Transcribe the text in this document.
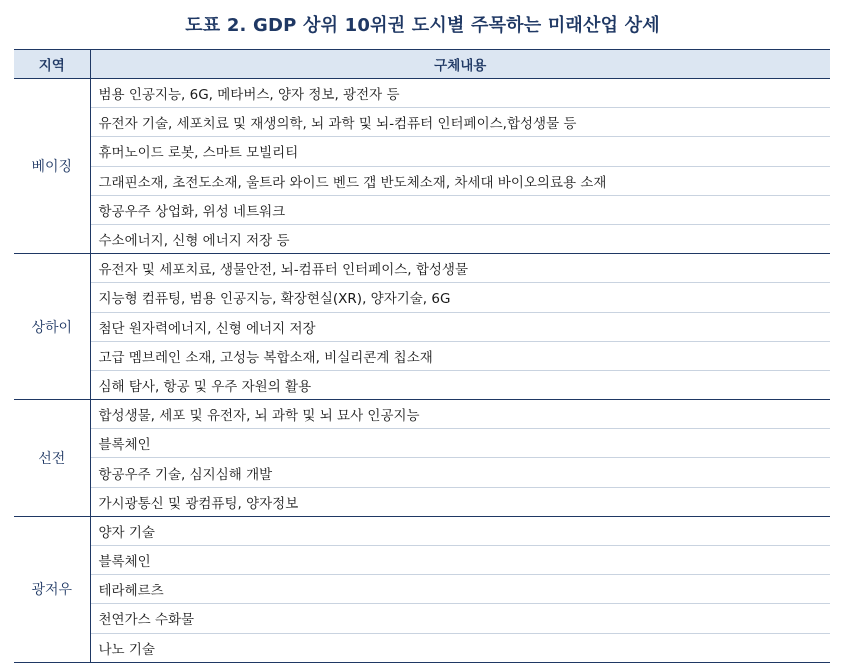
도표 2. GDP 상위 10위권 도시별 주목하는 미래산업 상세
지역	구체내용
베이징	범용 인공지능, 6G, 메타버스, 양자 정보, 광전자 등
	유전자 기술, 세포치료 및 재생의학, 뇌 과학 및 뇌-컴퓨터 인터페이스,합성생물 등
	휴머노이드 로봇, 스마트 모빌리티
	그래핀소재, 초전도소재, 울트라 와이드 벤드 갭 반도체소재, 차세대 바이오의료용 소재
	항공우주 상업화, 위성 네트워크
	수소에너지, 신형 에너지 저장 등
상하이	유전자 및 세포치료, 생물안전, 뇌-컴퓨터 인터페이스, 합성생물
	지능형 컴퓨팅, 범용 인공지능, 확장현실(XR), 양자기술, 6G
	첨단 원자력에너지, 신형 에너지 저장
	고급 멤브레인 소재, 고성능 복합소재, 비실리콘계 칩소재
	심해 탐사, 항공 및 우주 자원의 활용
선전	합성생물, 세포 및 유전자, 뇌 과학 및 뇌 묘사 인공지능
	블록체인
	항공우주 기술, 심지심해 개발
	가시광통신 및 광컴퓨팅, 양자정보
광저우	양자 기술
	블록체인
	테라헤르츠
	천연가스 수화물
	나노 기술
